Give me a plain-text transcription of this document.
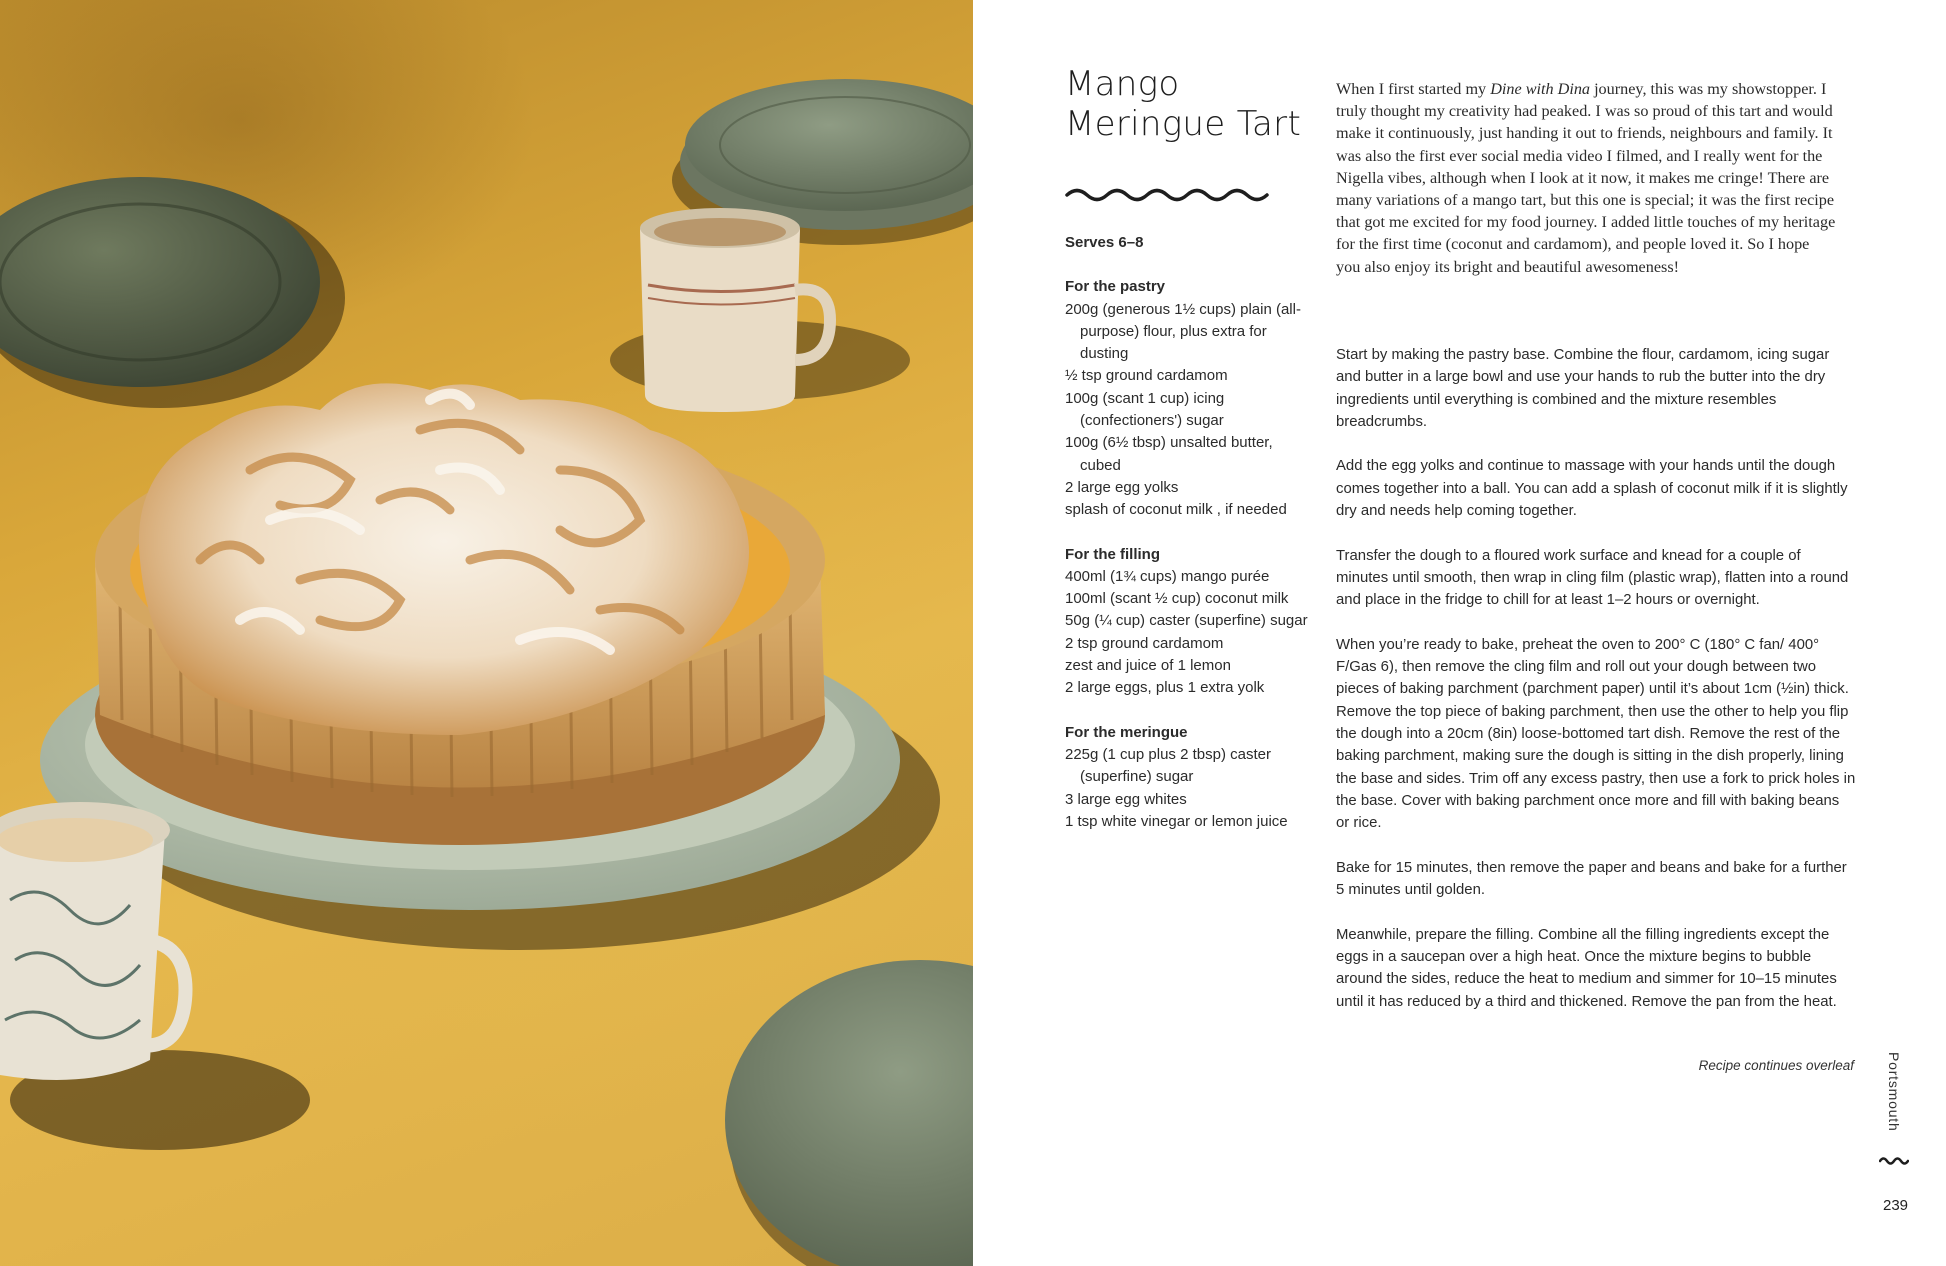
Mango
Meringue Tart
Serves 6–8
For the pastry
200g (generous 1½ cups) plain (all-purpose) flour, plus extra for dusting
½ tsp ground cardamom
100g (scant 1 cup) icing (confectioners') sugar
100g (6½ tbsp) unsalted butter, cubed
2 large egg yolks
splash of coconut milk , if needed
For the filling
400ml (1¾ cups) mango purée
100ml (scant ½ cup) coconut milk
50g (¼ cup) caster (superfine) sugar
2 tsp ground cardamom
zest and juice of 1 lemon
2 large eggs, plus 1 extra yolk
For the meringue
225g (1 cup plus 2 tbsp) caster (superfine) sugar
3 large egg whites
1 tsp white vinegar or lemon juice

When I first started my Dine with Dina journey, this was my showstopper. I truly thought my creativity had peaked. I was so proud of this tart and would make it continuously, just handing it out to friends, neighbours and family. It was also the first ever social media video I filmed, and I really went for the Nigella vibes, although when I look at it now, it makes me cringe! There are many variations of a mango tart, but this one is special; it was the first recipe that got me excited for my food journey. I added little touches of my heritage for the first time (coconut and cardamom), and people loved it. So I hope you also enjoy its bright and beautiful awesomeness!

Start by making the pastry base. Combine the flour, cardamom, icing sugar and butter in a large bowl and use your hands to rub the butter into the dry ingredients until everything is combined and the mixture resembles breadcrumbs.

Add the egg yolks and continue to massage with your hands until the dough comes together into a ball. You can add a splash of coconut milk if it is slightly dry and needs help coming together.

Transfer the dough to a floured work surface and knead for a couple of minutes until smooth, then wrap in cling film (plastic wrap), flatten into a round and place in the fridge to chill for at least 1–2 hours or overnight.

When you’re ready to bake, preheat the oven to 200° C (180° C fan/ 400° F/Gas 6), then remove the cling film and roll out your dough between two pieces of baking parchment (parchment paper) until it’s about 1cm (½in) thick. Remove the top piece of baking parchment, then use the other to help you flip the dough into a 20cm (8in) loose-bottomed tart dish. Remove the rest of the baking parchment, making sure the dough is sitting in the dish properly, lining the base and sides. Trim off any excess pastry, then use a fork to prick holes in the base. Cover with baking parchment once more and fill with baking beans or rice.

Bake for 15 minutes, then remove the paper and beans and bake for a further 5 minutes until golden.

Meanwhile, prepare the filling. Combine all the filling ingredients except the eggs in a saucepan over a high heat. Once the mixture begins to bubble around the sides, reduce the heat to medium and simmer for 10–15 minutes until it has reduced by a third and thickened. Remove the pan from the heat.

Recipe continues overleaf Portsmouth
239
